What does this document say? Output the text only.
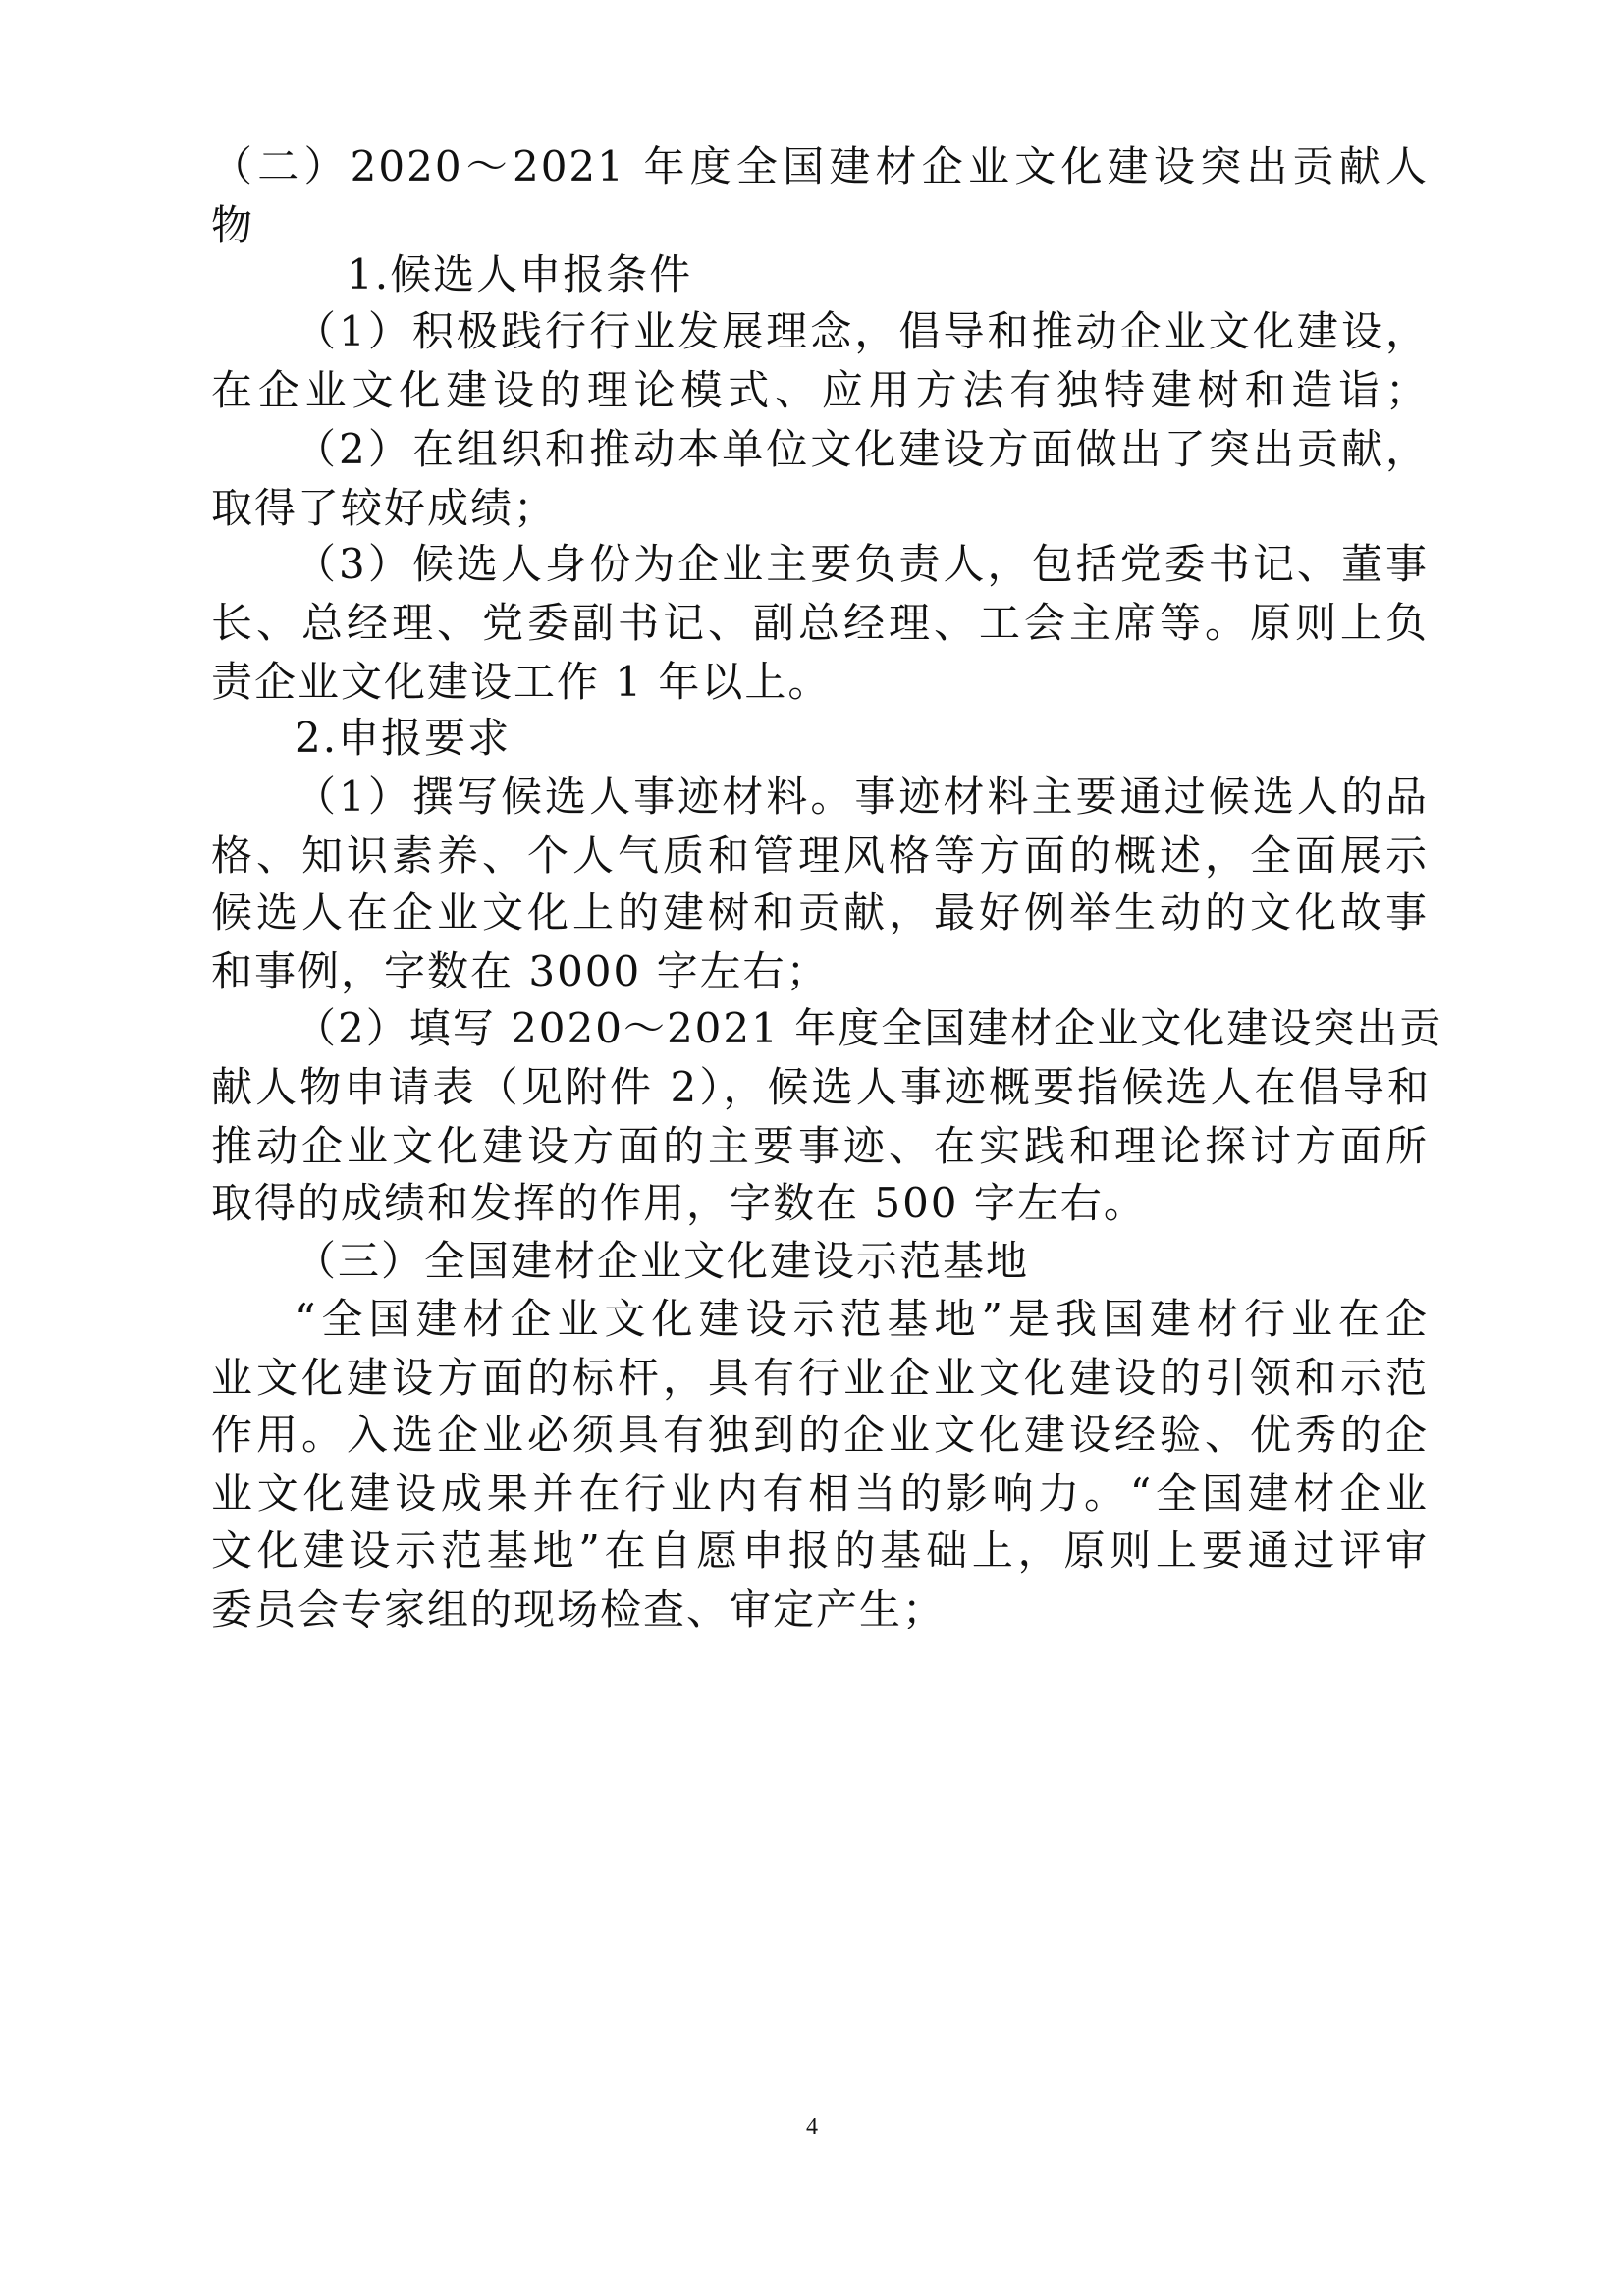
（二）2020～2021 年度全国建材企业文化建设突出贡献人
物
1.候选人申报条件
（1）积极践行行业发展理念，倡导和推动企业文化建设，
在企业文化建设的理论模式、应用方法有独特建树和造诣；
（2）在组织和推动本单位文化建设方面做出了突出贡献，
取得了较好成绩；
（3）候选人身份为企业主要负责人，包括党委书记、董事
长、总经理、党委副书记、副总经理、工会主席等。原则上负
责企业文化建设工作 1 年以上。
2.申报要求
（1）撰写候选人事迹材料。事迹材料主要通过候选人的品
格、知识素养、个人气质和管理风格等方面的概述，全面展示
候选人在企业文化上的建树和贡献，最好例举生动的文化故事
和事例，字数在 3000 字左右；
（2）填写 2020～2021 年度全国建材企业文化建设突出贡
献人物申请表（见附件 2），候选人事迹概要指候选人在倡导和
推动企业文化建设方面的主要事迹、在实践和理论探讨方面所
取得的成绩和发挥的作用，字数在 500 字左右。
（三）全国建材企业文化建设示范基地
“全国建材企业文化建设示范基地”是我国建材行业在企
业文化建设方面的标杆，具有行业企业文化建设的引领和示范
作用。入选企业必须具有独到的企业文化建设经验、优秀的企
业文化建设成果并在行业内有相当的影响力。“全国建材企业
文化建设示范基地”在自愿申报的基础上，原则上要通过评审
委员会专家组的现场检查、审定产生；
4
